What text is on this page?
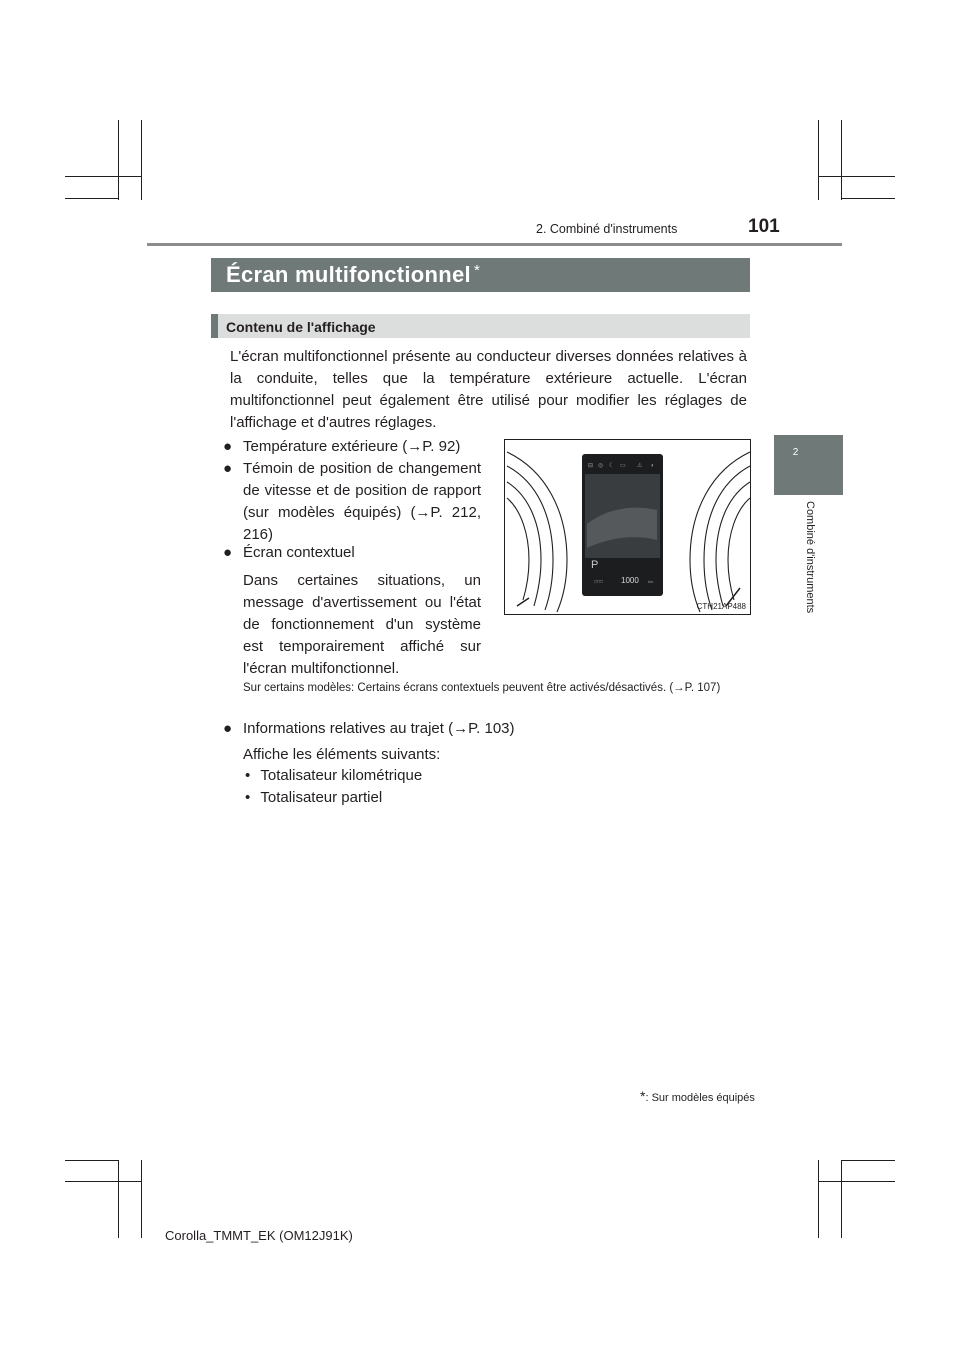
2. Combiné d'instruments	101
2
Combiné d'instruments
Écran multifonctionnel *
Contenu de l'affichage
L'écran multifonctionnel présente au conducteur diverses données relatives à la conduite, telles que la température extérieure actuelle. L'écran multifonctionnel peut également être utilisé pour modifier les réglages de l'affichage et d'autres réglages.
● Température extérieure (→P. 92)
● Témoin de position de changement de vitesse et de position de rapport (sur modèles équipés) (→P. 212, 216)
● Écran contextuel
Dans certaines situations, un message d'avertissement ou l'état de fonctionnement d'un système est temporairement affiché sur l'écran multifonctionnel.
⊟ ◎ ☾ ▭ ⚠ ◐
P
□□□ 1000 km
CTH21AP488
Sur certains modèles: Certains écrans contextuels peuvent être activés/désactivés. (→P. 107)
● Informations relatives au trajet (→P. 103)
Affiche les éléments suivants:
• Totalisateur kilométrique
• Totalisateur partiel
*: Sur modèles équipés
Corolla_TMMT_EK (OM12J91K)
